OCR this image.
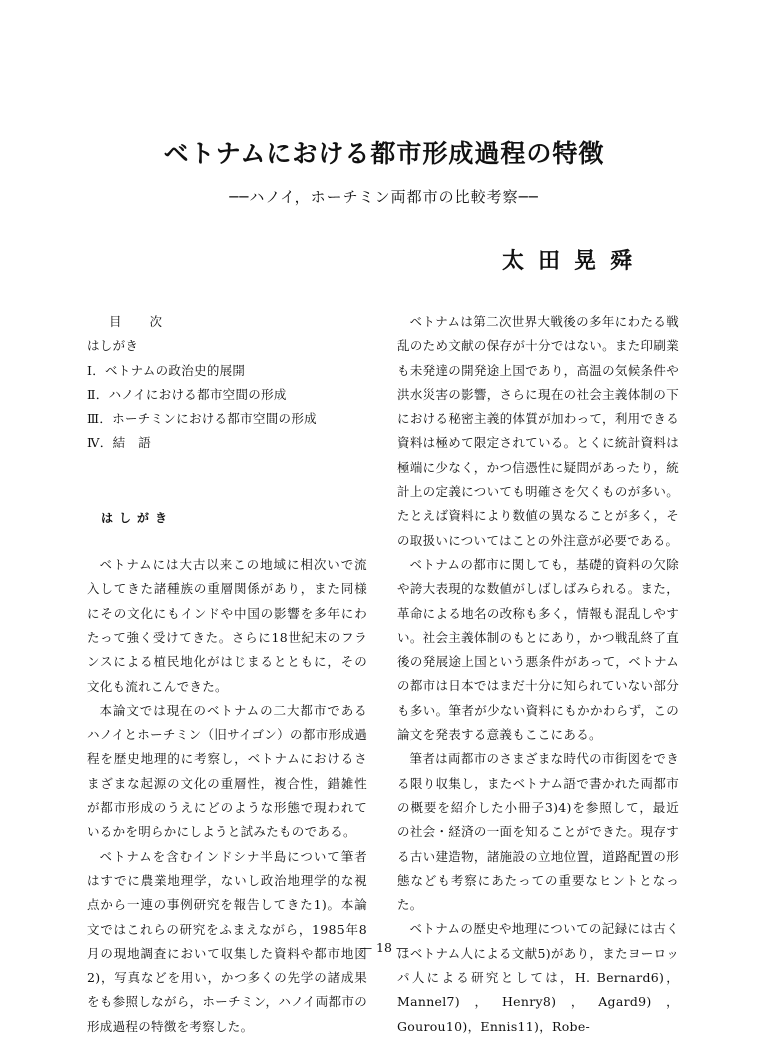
ベトナムにおける都市形成過程の特徴
──ハノイ，ホーチミン両都市の比較考察──
太田晃舜
目次
はしがき
Ⅰ．ベトナムの政治史的展開
Ⅱ．ハノイにおける都市空間の形成
Ⅲ．ホーチミンにおける都市空間の形成
Ⅳ．結　語
はしがき

ベトナムには大古以来この地域に相次いで流入してきた諸種族の重層関係があり，また同様にその文化にもインドや中国の影響を多年にわたって強く受けてきた。さらに18世紀末のフランスによる植民地化がはじまるとともに，その文化も流れこんできた。

本論文では現在のベトナムの二大都市であるハノイとホーチミン（旧サイゴン）の都市形成過程を歴史地理的に考察し，ベトナムにおけるさまざまな起源の文化の重層性，複合性，錯雑性が都市形成のうえにどのような形態で現われているかを明らかにしようと試みたものである。

ベトナムを含むインドシナ半島について筆者はすでに農業地理学，ないし政治地理学的な視点から一連の事例研究を報告してきた1)。本論文ではこれらの研究をふまえながら，1985年8月の現地調査において収集した資料や都市地図2)，写真などを用い，かつ多くの先学の諸成果をも参照しながら，ホーチミン，ハノイ両都市の形成過程の特徴を考察した。

ベトナムは第二次世界大戦後の多年にわたる戦乱のため文献の保存が十分ではない。また印刷業も未発達の開発途上国であり，高温の気候条件や洪水災害の影響，さらに現在の社会主義体制の下における秘密主義的体質が加わって，利用できる資料は極めて限定されている。とくに統計資料は極端に少なく，かつ信憑性に疑問があったり，統計上の定義についても明確さを欠くものが多い。たとえば資料により数値の異なることが多く，その取扱いについてはことの外注意が必要である。

ベトナムの都市に関しても，基礎的資料の欠除や誇大表現的な数値がしばしばみられる。また，革命による地名の改称も多く，情報も混乱しやすい。社会主義体制のもとにあり，かつ戦乱終了直後の発展途上国という悪条件があって，ベトナムの都市は日本ではまだ十分に知られていない部分も多い。筆者が少ない資料にもかかわらず，この論文を発表する意義もここにある。

筆者は両都市のさまざまな時代の市街図をできる限り収集し，またベトナム語で書かれた両都市の概要を紹介した小冊子3)4)を参照して，最近の社会・経済の一面を知ることができた。現存する古い建造物，諸施設の立地位置，道路配置の形態なども考察にあたっての重要なヒントとなった。

ベトナムの歴史や地理についての記録には古くはベトナム人による文献5)があり，またヨーロッパ人による研究としては，H. Bernard6)，Mannel7)，Henry8)，Agard9)，Gourou10)，Ennis11)，Robe-

— 18 —
